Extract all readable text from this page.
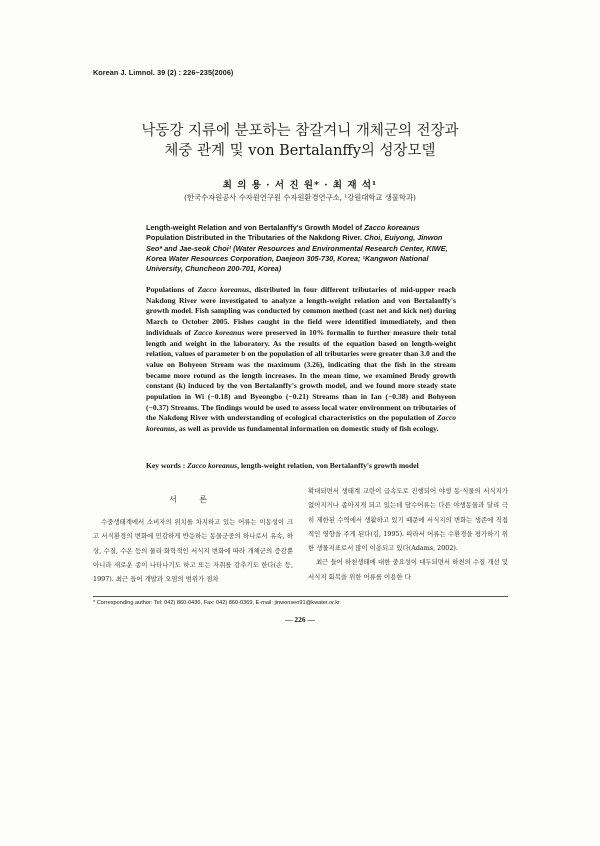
Korean J. Limnol. 39 (2) : 226~235(2006)
낙동강 지류에 분포하는 참갈겨니 개체군의 전장과
체중 관계 및 von Bertalanffy의 성장모델
최 의 용 · 서 진 원* · 최 재 석¹
(한국수자원공사 수자원연구원 수자원환경연구소, ¹강원대학교 생물학과)
Length-weight Relation and von Bertalanffy's Growth Model of Zacco koreanus Population Distributed in the Tributaries of the Nakdong River. Choi, Euiyong, Jinwon Seo* and Jae-seok Choi¹ (Water Resources and Environmental Research Center, KIWE, Korea Water Resources Corporation, Daejeon 305-730, Korea; ¹Kangwon National University, Chuncheon 200-701, Korea)
Populations of Zacco koreanus, distributed in four different tributaries of mid-upper reach Nakdong River were investigated to analyze a length-weight relation and von Bertalanffy's growth model. Fish sampling was conducted by common method (cast net and kick net) during March to October 2005. Fishes caught in the field were identified immediately, and then individuals of Zacco koreanus were preserved in 10% formalin to further measure their total length and weight in the laboratory. As the results of the equation based on length-weight relation, values of parameter b on the population of all tributaries were greater than 3.0 and the value on Bohyeon Stream was the maximum (3.26), indicating that the fish in the stream became more rotund as the length increases. In the mean time, we examined Brody growth constant (k) induced by the von Bertalanffy's growth model, and we found more steady state population in Wi (−0.18) and Byeongbo (−0.21) Streams than in Ian (−0.38) and Bohyeon (−0.37) Streams. The findings would be used to assess local water environment on tributaries of the Nakdong River with understanding of ecological characteristics on the population of Zacco koreanus, as well as provide us fundamental information on domestic study of fish ecology.
Key words : Zacco koreanus, length-weight relation, von Bertalanffy's growth model
서 론

수중생태계에서 소비자의 위치를 차지하고 있는 어류는 이동성이 크고 서식환경의 변화에 민감하게 반응하는 동물군중의 하나로서 유속, 하상, 수질, 수온 등의 물리·화학적인 서식지 변화에 따라 개체군의 증감뿐 아니라 새로운 종이 나타나기도 하고 또는 자취를 감추기도 한다(손 등, 1997). 최근 들어 개발과 오염의 범위가 점차

확대되면서 생태계 교란이 급속도로 진행되어 야생 동·식물의 서식지가 없어지거나 좁아지게 되고 있는데 담수어류는 다른 야생동물과 달리 극히 제한된 수역에서 생활하고 있기 때문에 서식지의 변화는 생존에 직접적인 영향을 주게 된다(김, 1995). 따라서 어류는 수환경을 평가하기 위한 생물지표로서 많이 이용되고 있다(Adams, 2002).

최근 들어 하천생태에 대한 중요성이 대두되면서 하천의 수질 개선 및 서식지 회복을 위한 어류를 이용한 다

* Corresponding author: Tel: 042) 860-0436, Fax: 042) 860-0369, E-mail: jinwonseo91@kwater.or.kr
— 226 —
